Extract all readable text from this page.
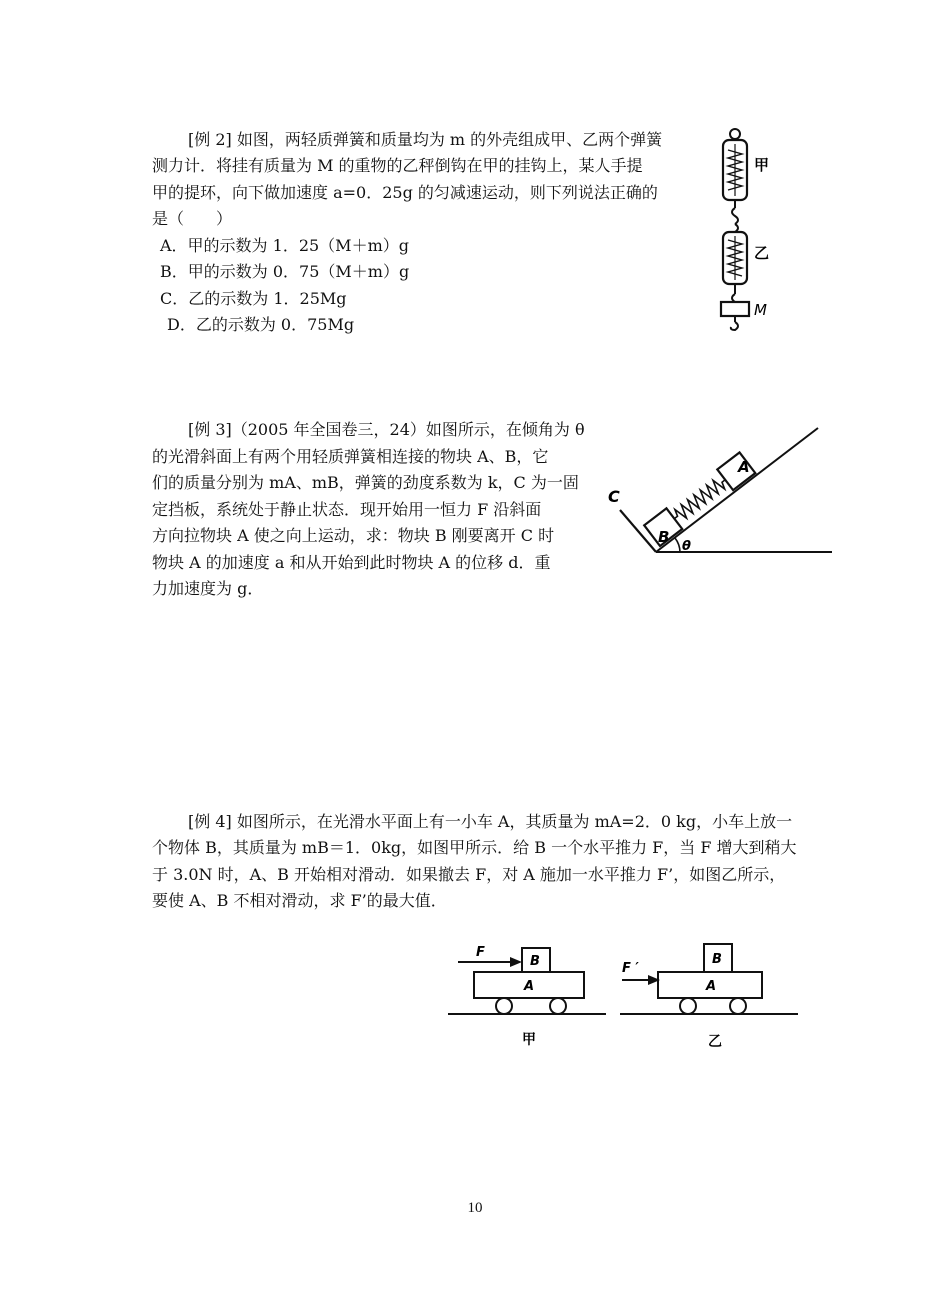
[例 2] 如图，两轻质弹簧和质量均为 m 的外壳组成甲、乙两个弹簧
测力计．将挂有质量为 M 的重物的乙秤倒钩在甲的挂钩上，某人手提
甲的提环，向下做加速度 a=0．25g 的匀减速运动，则下列说法正确的
是（　　）
A．甲的示数为 1．25（M＋m）g
B．甲的示数为 0．75（M＋m）g
C．乙的示数为 1．25Mg
D．乙的示数为 0．75Mg
甲
乙
M
[例 3]（2005 年全国卷三，24）如图所示，在倾角为 θ
的光滑斜面上有两个用轻质弹簧相连接的物块 A、B，它
们的质量分别为 mA、mB，弹簧的劲度系数为 k，C 为一固
定挡板，系统处于静止状态．现开始用一恒力 F 沿斜面
方向拉物块 A 使之向上运动，求：物块 B 刚要离开 C 时
物块 A 的加速度 a 和从开始到此时物块 A 的位移 d．重
力加速度为 g．
B
A
C
θ
[例 4] 如图所示，在光滑水平面上有一小车 A，其质量为 mA=2．0 kg，小车上放一
个物体 B，其质量为 mB＝1．0kg，如图甲所示．给 B 一个水平推力 F，当 F 增大到稍大
于 3.0N 时，A、B 开始相对滑动．如果撤去 F，对 A 施加一水平推力 F’，如图乙所示，
要使 A、B 不相对滑动，求 F’的最大值．
F
B
A
甲
F ′
B
A
乙
10
